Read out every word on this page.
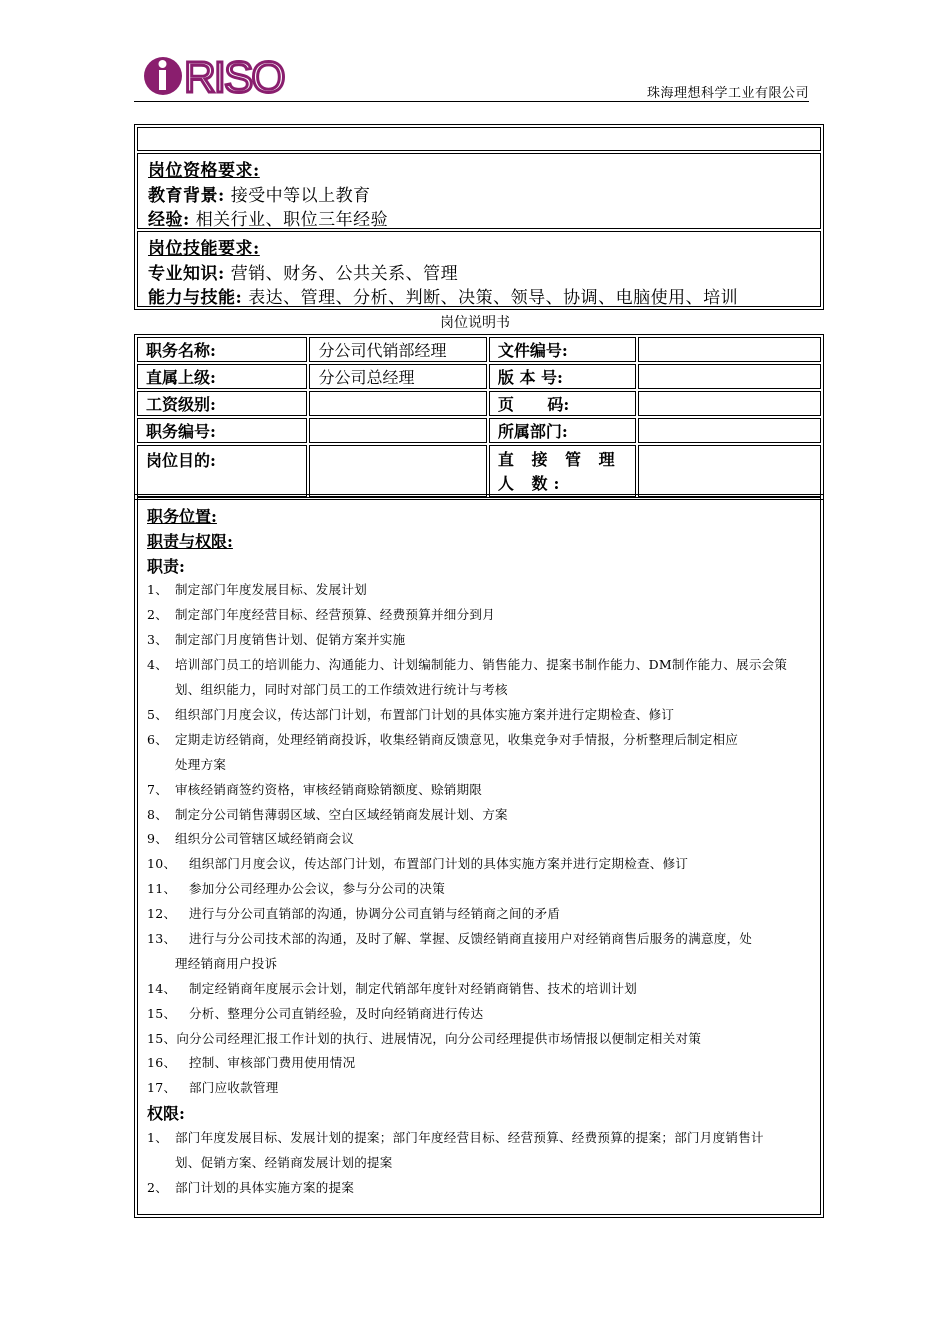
RISO	珠海理想科学工业有限公司
岗位资格要求:
教育背景: 接受中等以上教育
经验: 相关行业、职位三年经验
岗位技能要求:
专业知识: 营销、财务、公共关系、管理
能力与技能: 表达、管理、分析、判断、决策、领导、协调、电脑使用、培训
岗位说明书
职务名称:	分公司代销部经理	文件编号:	
直属上级:	分公司总经理	版 本 号:	
工资级别:		页      码:	
职务编号:		所属部门:	
岗位目的:		直 接 管 理 人 数:	
职务位置:
职责与权限:
职责:
1、 制定部门年度发展目标、发展计划
2、 制定部门年度经营目标、经营预算、经费预算并细分到月
3、 制定部门月度销售计划、促销方案并实施
4、 培训部门员工的培训能力、沟通能力、计划编制能力、销售能力、提案书制作能力、DM制作能力、展示会策
划、组织能力，同时对部门员工的工作绩效进行统计与考核
5、 组织部门月度会议，传达部门计划，布置部门计划的具体实施方案并进行定期检查、修订
6、 定期走访经销商，处理经销商投诉，收集经销商反馈意见，收集竞争对手情报，分析整理后制定相应
处理方案
7、 审核经销商签约资格，审核经销商赊销额度、赊销期限
8、 制定分公司销售薄弱区域、空白区域经销商发展计划、方案
9、 组织分公司管辖区域经销商会议
10、 组织部门月度会议，传达部门计划，布置部门计划的具体实施方案并进行定期检查、修订
11、 参加分公司经理办公会议，参与分公司的决策
12、 进行与分公司直销部的沟通，协调分公司直销与经销商之间的矛盾
13、 进行与分公司技术部的沟通，及时了解、掌握、反馈经销商直接用户对经销商售后服务的满意度，处
理经销商用户投诉
14、 制定经销商年度展示会计划，制定代销部年度针对经销商销售、技术的培训计划
15、 分析、整理分公司直销经验，及时向经销商进行传达
15、向分公司经理汇报工作计划的执行、进展情况，向分公司经理提供市场情报以便制定相关对策
16、 控制、审核部门费用使用情况
17、 部门应收款管理
权限:
1、 部门年度发展目标、发展计划的提案；部门年度经营目标、经营预算、经费预算的提案；部门月度销售计
划、促销方案、经销商发展计划的提案
2、 部门计划的具体实施方案的提案
